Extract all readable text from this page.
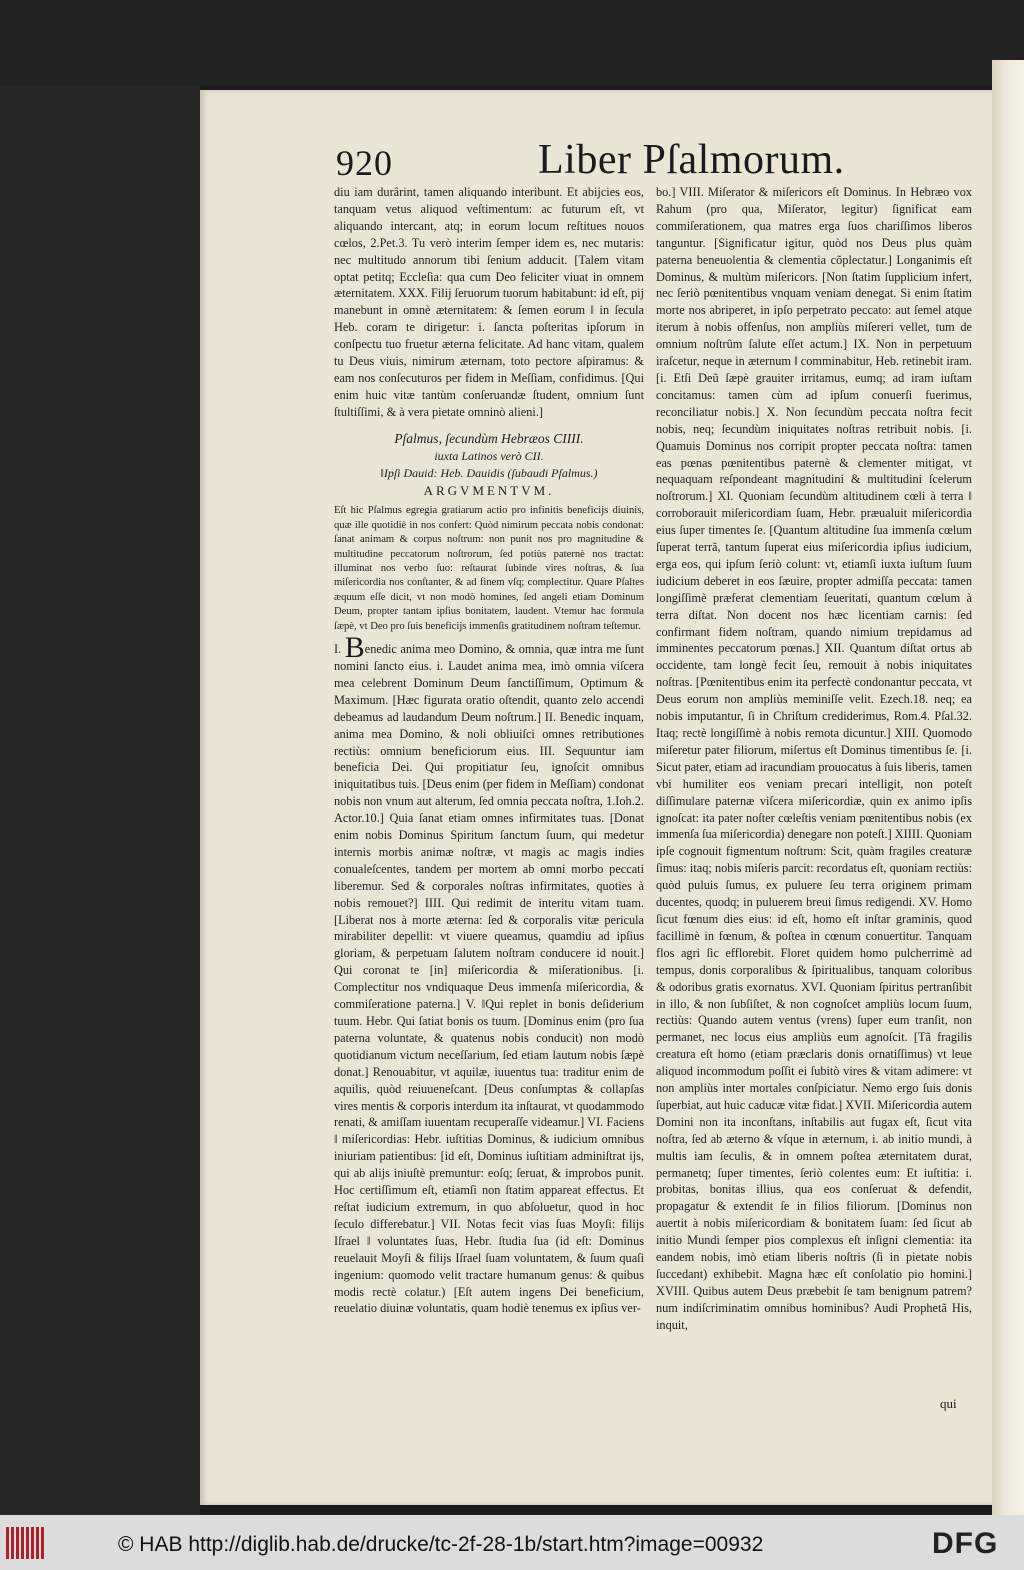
920	Liber Pſalmorum.

diu iam durârint, tamen aliquando interibunt. Et abijcies eos, tanquam vetus aliquod veſtimentum: ac futurum eſt, vt aliquando intercant, atq; in eorum locum reſtitues nouos cœlos, 2.Pet.3. Tu verò interim ſemper idem es, nec mutaris: nec multitudo annorum tibi ſenium adducit. [Talem vitam optat petitq; Eccleſia: qua cum Deo feliciter viuat in omnem æternitatem. XXX. Filij ſeruorum tuorum habitabunt: id eſt, pij manebunt in omnè æternitatem: & ſemen eorum ‖ in ſecula Heb. coram te dirigetur: i. ſancta poſteritas ipſorum in conſpectu tuo fruetur æterna felicitate. Ad hanc vitam, qualem tu Deus viuis, nimirum æternam, toto pectore aſpiramus: & eam nos conſecuturos per fidem in Meſſiam, confidimus. [Qui enim huic vitæ tantùm conſeruandæ ſtudent, omnium ſunt ſtultiſſimi, & à vera pietate omninò alieni.]

Pſalmus, ſecundùm Hebræos CIIII.

iuxta Latinos verò CII.

‖Ipſi Dauid: Heb. Dauidis (ſubaudi Pſalmus.)

ARGVMENTVM.

Eſt hic Pſalmus egregia gratiarum actio pro infinitis beneficijs diuinis, quæ ille quotidiè in nos confert: Quòd nimirum peccata nobis condonat: ſanat animam & corpus noſtrum: non punit nos pro magnitudine & multitudine peccatorum noſtrorum, ſed potiùs paternè nos tractat: illuminat nos verbo ſuo: reſtaurat ſubinde vires noſtras, & ſua miſericordia nos conſtanter, & ad finem vſq; complectitur. Quare Pſaltes æquum eſſe dicit, vt non modò homines, ſed angeli etiam Dominum Deum, propter tantam ipſius bonitatem, laudent. Vtemur hac formula ſæpè, vt Deo pro ſuis beneficijs immenſis gratitudinem noſtram teſtemur.

I. Benedic anima meo Domino, & omnia, quæ intra me ſunt nomini ſancto eius. i. Laudet anima mea, imò omnia viſcera mea celebrent Dominum Deum ſanctiſſimum, Optimum & Maximum. [Hæc figurata oratio oſtendit, quanto zelo accendi debeamus ad laudandum Deum noſtrum.] II. Benedic inquam, anima mea Domino, & noli obliuiſci omnes retributiones rectiùs: omnium beneficiorum eius. III. Sequuntur iam beneficia Dei. Qui propitiatur ſeu, ignoſcit omnibus iniquitatibus tuis. [Deus enim (per fidem in Meſſiam) condonat nobis non vnum aut alterum, ſed omnia peccata noſtra, 1.Ioh.2. Actor.10.] Quia ſanat etiam omnes infirmitates tuas. [Donat enim nobis Dominus Spiritum ſanctum ſuum, qui medetur internis morbis animæ noſtræ, vt magis ac magis indies conualeſcentes, tandem per mortem ab omni morbo peccati liberemur. Sed & corporales noſtras infirmitates, quoties à nobis remouet?] IIII. Qui redimit de interitu vitam tuam. [Liberat nos à morte æterna: ſed & corporalis vitæ pericula mirabiliter depellit: vt viuere queamus, quamdiu ad ipſius gloriam, & perpetuam ſalutem noſtram conducere id nouit.] Qui coronat te [in] miſericordia & miſerationibus. [i. Complectitur nos vndiquaque Deus immenſa miſericordia, & commiſeratione paterna.] V. ‖Qui replet in bonis deſiderium tuum. Hebr. Qui ſatiat bonis os tuum. [Dominus enim (pro ſua paterna voluntate, & quatenus nobis conducit) non modò quotidianum victum neceſſarium, ſed etiam lautum nobis ſæpè donat.] Renouabitur, vt aquilæ, iuuentus tua: traditur enim de aquilis, quòd reiuueneſcant. [Deus conſumptas & collapſas vires mentis & corporis interdum ita inſtaurat, vt quodammodo renati, & amiſſam iuuentam recuperaſſe videamur.] VI. Faciens ‖ miſericordias: Hebr. iuſtitias Dominus, & iudicium omnibus iniuriam patientibus: [id eſt, Dominus iuſtitiam adminiſtrat ijs, qui ab alijs iniuſtè premuntur: eoſq; ſeruat, & improbos punit. Hoc certiſſimum eſt, etiamſi non ſtatim appareat effectus. Et reſtat iudicium extremum, in quo abſoluetur, quod in hoc ſeculo differebatur.] VII. Notas fecit vias ſuas Moyſi: filijs Iſrael ‖ voluntates ſuas, Hebr. ſtudia ſua (id eſt: Dominus reuelauit Moyſi & filijs Iſrael ſuam voluntatem, & ſuum quaſi ingenium: quomodo velit tractare humanum genus: & quibus modis rectè colatur.) [Eſt autem ingens Dei beneficium, reuelatio diuinæ voluntatis, quam hodiè tenemus ex ipſius ver-

bo.] VIII. Miſerator & miſericors eſt Dominus. In Hebræo vox Rahum (pro qua, Miſerator, legitur) ſignificat eam commiſerationem, qua matres erga ſuos chariſſimos liberos tanguntur. [Significatur igitur, quòd nos Deus plus quàm paterna beneuolentia & clementia cõplectatur.] Longanimis eſt Dominus, & multùm miſericors. [Non ſtatim ſupplicium infert, nec ſeriò pœnitentibus vnquam veniam denegat. Si enim ſtatim morte nos abriperet, in ipſo perpetrato peccato: aut ſemel atque iterum à nobis offenſus, non ampliùs miſereri vellet, tum de omnium noſtrûm ſalute eſſet actum.] IX. Non in perpetuum iraſcetur, neque in æternum ‖ comminabitur, Heb. retinebit iram. [i. Etſi Deũ ſæpè grauiter irritamus, eumq; ad iram iuſtam concitamus: tamen cùm ad ipſum conuerſi fuerimus, reconciliatur nobis.] X. Non ſecundùm peccata noſtra fecit nobis, neq; ſecundùm iniquitates noſtras retribuit nobis. [i. Quamuis Dominus nos corripit propter peccata noſtra: tamen eas pœnas pœnitentibus paternè & clementer mitigat, vt nequaquam reſpondeant magnitudini & multitudini ſcelerum noſtrorum.] XI. Quoniam ſecundùm altitudinem cœli à terra ‖ corroborauit miſericordiam ſuam, Hebr. præualuit miſericordia eius ſuper timentes ſe. [Quantum altitudine ſua immenſa cœlum ſuperat terrã, tantum ſuperat eius miſericordia ipſius iudicium, erga eos, qui ipſum ſeriò colunt: vt, etiamſi iuxta iuſtum ſuum iudicium deberet in eos ſæuire, propter admiſſa peccata: tamen longiſſimè præferat clementiam ſeueritati, quantum cœlum à terra diſtat. Non docent nos hæc licentiam carnis: ſed confirmant fidem noſtram, quando nimium trepidamus ad imminentes peccatorum pœnas.] XII. Quantum diſtat ortus ab occidente, tam longè fecit ſeu, remouit à nobis iniquitates noſtras. [Pœnitentibus enim ita perfectè condonantur peccata, vt Deus eorum non ampliùs meminiſſe velit. Ezech.18. neq; ea nobis imputantur, ſi in Chriſtum crediderimus, Rom.4. Pſal.32. Itaq; rectè longiſſimè à nobis remota dicuntur.] XIII. Quomodo miſeretur pater filiorum, miſertus eſt Dominus timentibus ſe. [i. Sicut pater, etiam ad iracundiam prouocatus à ſuis liberis, tamen vbi humiliter eos veniam precari intelligit, non poteſt diſſimulare paternæ viſcera miſericordiæ, quin ex animo ipſis ignoſcat: ita pater noſter cœleſtis veniam pœnitentibus nobis (ex immenſa ſua miſericordia) denegare non poteſt.] XIIII. Quoniam ipſe cognouit figmentum noſtrum: Scit, quàm fragiles creaturæ ſimus: itaq; nobis miſeris parcit: recordatus eſt, quoniam rectiùs: quòd puluis ſumus, ex puluere ſeu terra originem primam ducentes, quodq; in puluerem breui ſimus redigendi. XV. Homo ſicut fœnum dies eius: id eſt, homo eſt inſtar graminis, quod facillimè in fœnum, & poſtea in cœnum conuertitur. Tanquam flos agri ſic efflorebit. Floret quidem homo pulcherrimè ad tempus, donis corporalibus & ſpiritualibus, tanquam coloribus & odoribus gratis exornatus. XVI. Quoniam ſpiritus pertranſibit in illo, & non ſubſiſtet, & non cognoſcet ampliùs locum ſuum, rectiùs: Quando autem ventus (vrens) ſuper eum tranſit, non permanet, nec locus eius ampliùs eum agnoſcit. [Tã fragilis creatura eſt homo (etiam præclaris donis ornatiſſimus) vt leue aliquod incommodum poſſit ei ſubitò vires & vitam adimere: vt non ampliùs inter mortales conſpiciatur. Nemo ergo ſuis donis ſuperbiat, aut huic caducæ vitæ fidat.] XVII. Miſericordia autem Domini non ita inconſtans, inſtabilis aut fugax eſt, ſicut vita noſtra, ſed ab æterno & vſque in æternum, i. ab initio mundi, à multis iam ſeculis, & in omnem poſtea æternitatem durat, permanetq; ſuper timentes, ſeriò colentes eum: Et iuſtitia: i. probitas, bonitas illius, qua eos conſeruat & defendit, propagatur & extendit ſe in filios filiorum. [Dominus non auertit à nobis miſericordiam & bonitatem ſuam: ſed ſicut ab initio Mundi ſemper pios complexus eſt inſigni clementia: ita eandem nobis, imò etiam liberis noſtris (ſi in pietate nobis ſuccedant) exhibebit. Magna hæc eſt conſolatio pio homini.] XVIII. Quibus autem Deus præbebit ſe tam benignum patrem? num indiſcriminatim omnibus hominibus? Audi Prophetã His, inquit,

qui
© HAB http://diglib.hab.de/drucke/tc-2f-28-1b/start.htm?image=00932	DFG
